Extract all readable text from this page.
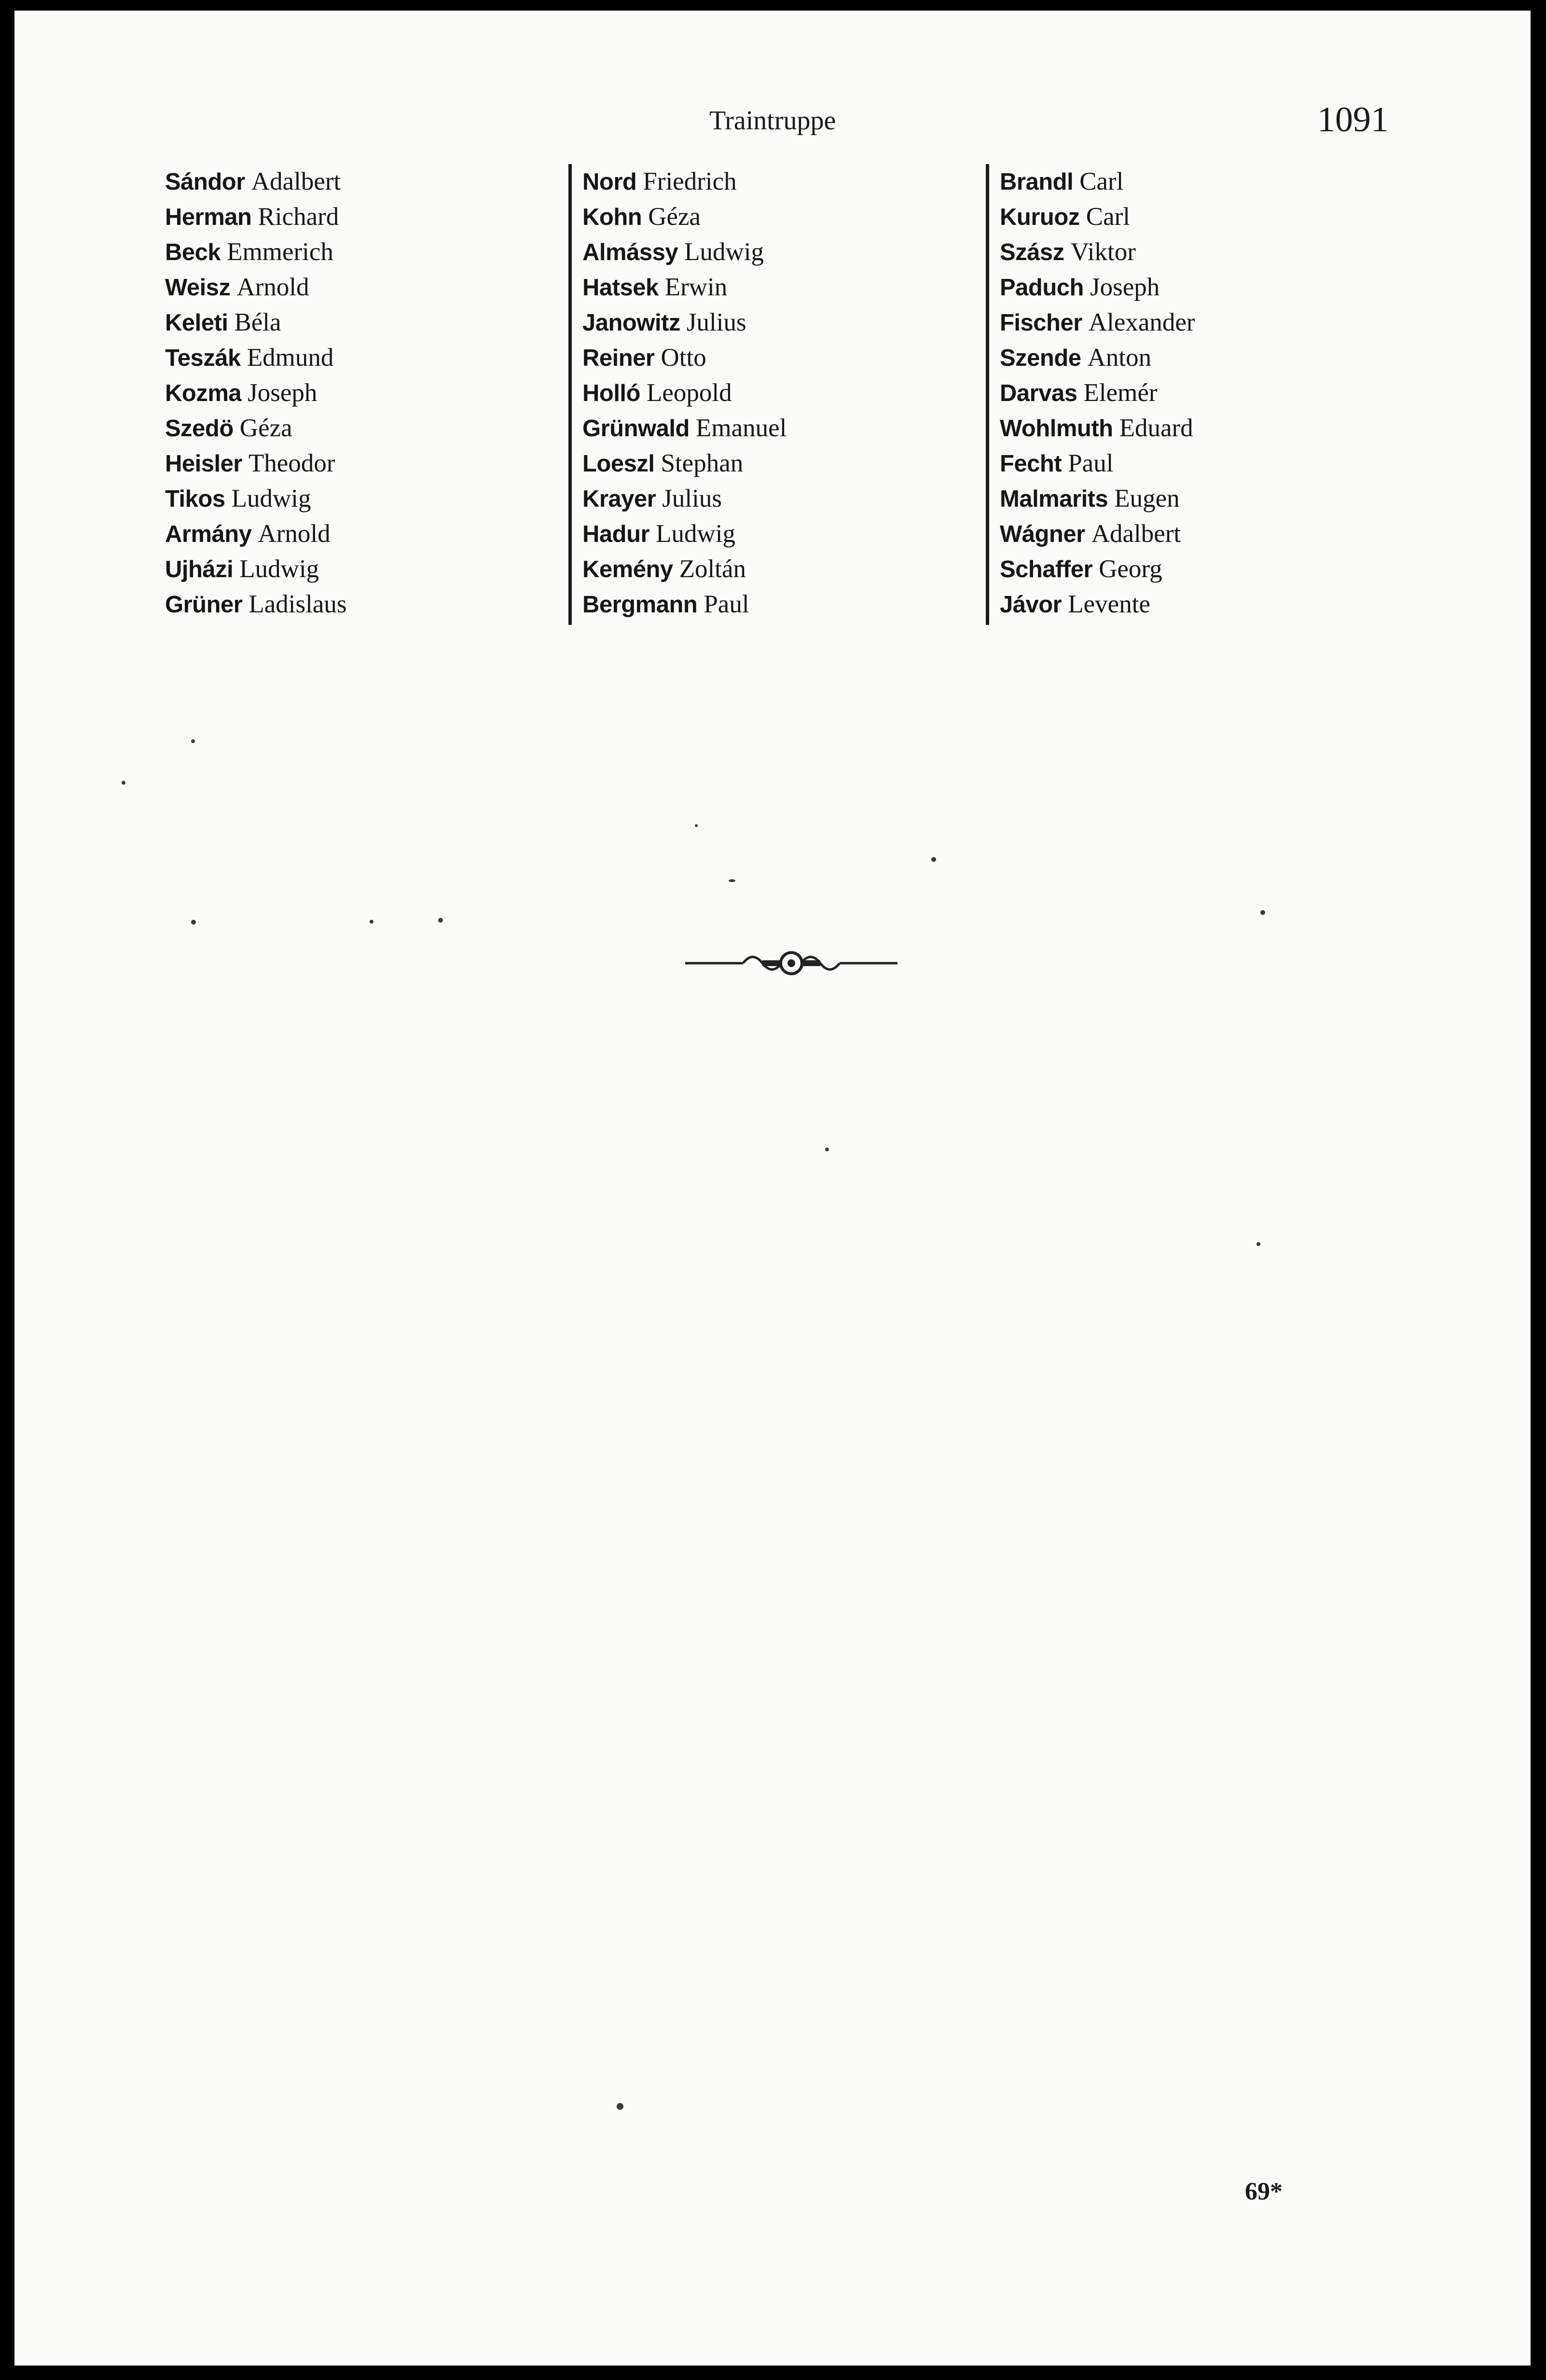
Traintruppe	1091
Sándor Adalbert
Herman Richard
Beck Emmerich
Weisz Arnold
Keleti Béla
Teszák Edmund
Kozma Joseph
Szedö Géza
Heisler Theodor
Tikos Ludwig
Armány Arnold
Ujházi Ludwig
Grüner Ladislaus
Nord Friedrich
Kohn Géza
Almássy Ludwig
Hatsek Erwin
Janowitz Julius
Reiner Otto
Holló Leopold
Grünwald Emanuel
Loeszl Stephan
Krayer Julius
Hadur Ludwig
Kemény Zoltán
Bergmann Paul
Brandl Carl
Kuruoz Carl
Szász Viktor
Paduch Joseph
Fischer Alexander
Szende Anton
Darvas Elemér
Wohlmuth Eduard
Fecht Paul
Malmarits Eugen
Wágner Adalbert
Schaffer Georg
Jávor Levente
69*
